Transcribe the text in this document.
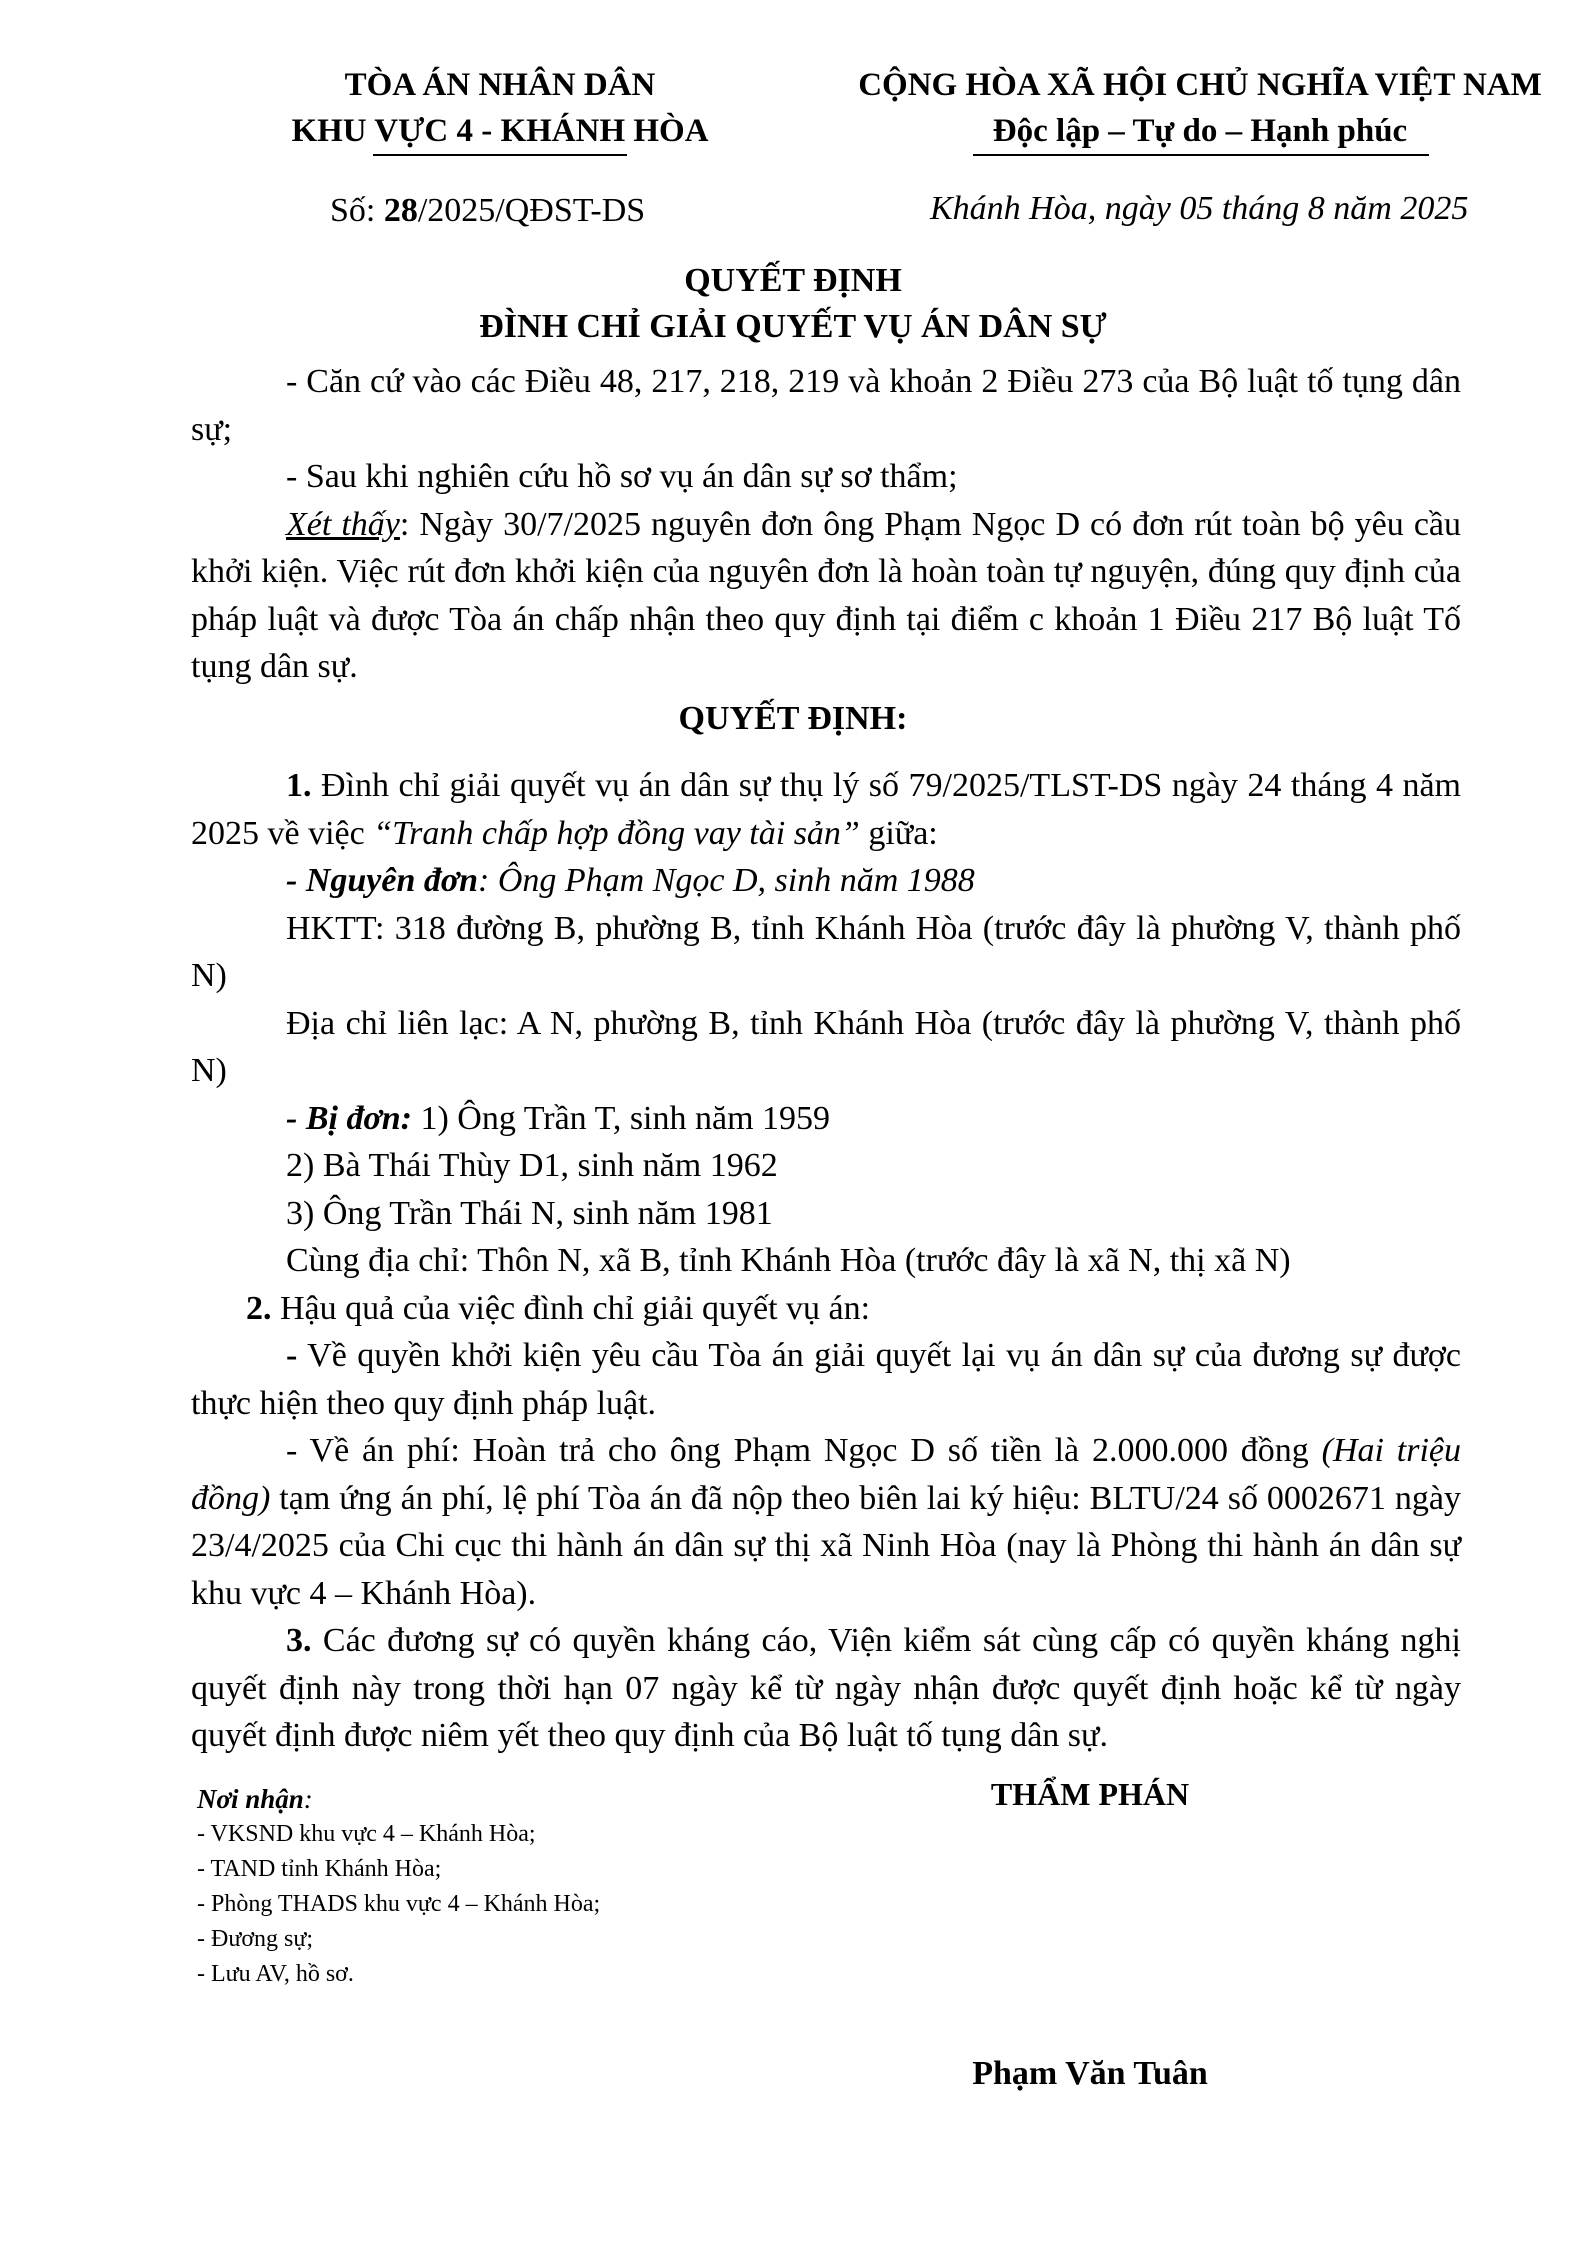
TÒA ÁN NHÂN DÂN
KHU VỰC 4 - KHÁNH HÒA
CỘNG HÒA XÃ HỘI CHỦ NGHĨA VIỆT NAM
Độc lập – Tự do – Hạnh phúc
Số: 28/2025/QĐST-DS	Khánh Hòa, ngày 05 tháng 8 năm 2025
QUYẾT ĐỊNH
ĐÌNH CHỈ GIẢI QUYẾT VỤ ÁN DÂN SỰ

- Căn cứ vào các Điều 48, 217, 218, 219 và khoản 2 Điều 273 của Bộ luật tố tụng dân sự;

- Sau khi nghiên cứu hồ sơ vụ án dân sự sơ thẩm;

Xét thấy: Ngày 30/7/2025 nguyên đơn ông Phạm Ngọc D có đơn rút toàn bộ yêu cầu khởi kiện. Việc rút đơn khởi kiện của nguyên đơn là hoàn toàn tự nguyện, đúng quy định của pháp luật và được Tòa án chấp nhận theo quy định tại điểm c khoản 1 Điều 217 Bộ luật Tố tụng dân sự.

QUYẾT ĐỊNH:

1. Đình chỉ giải quyết vụ án dân sự thụ lý số 79/2025/TLST-DS ngày 24 tháng 4 năm 2025 về việc “Tranh chấp hợp đồng vay tài sản” giữa:

- Nguyên đơn: Ông Phạm Ngọc D, sinh năm 1988

HKTT: 318 đường B, phường B, tỉnh Khánh Hòa (trước đây là phường V, thành phố N)

Địa chỉ liên lạc: A N, phường B, tỉnh Khánh Hòa (trước đây là phường V, thành phố N)

- Bị đơn: 1) Ông Trần T, sinh năm 1959

2) Bà Thái Thùy D1, sinh năm 1962

3) Ông Trần Thái N, sinh năm 1981

Cùng địa chỉ: Thôn N, xã B, tỉnh Khánh Hòa (trước đây là xã N, thị xã N)

2. Hậu quả của việc đình chỉ giải quyết vụ án:

- Về quyền khởi kiện yêu cầu Tòa án giải quyết lại vụ án dân sự của đương sự được thực hiện theo quy định pháp luật.

- Về án phí: Hoàn trả cho ông Phạm Ngọc D số tiền là 2.000.000 đồng (Hai triệu đồng) tạm ứng án phí, lệ phí Tòa án đã nộp theo biên lai ký hiệu: BLTU/24 số 0002671 ngày 23/4/2025 của Chi cục thi hành án dân sự thị xã Ninh Hòa (nay là Phòng thi hành án dân sự khu vực 4 – Khánh Hòa).

3. Các đương sự có quyền kháng cáo, Viện kiểm sát cùng cấp có quyền kháng nghị quyết định này trong thời hạn 07 ngày kể từ ngày nhận được quyết định hoặc kể từ ngày quyết định được niêm yết theo quy định của Bộ luật tố tụng dân sự.

Nơi nhận:
- VKSND khu vực 4 – Khánh Hòa;
- TAND tỉnh Khánh Hòa;
- Phòng THADS khu vực 4 – Khánh Hòa;
- Đương sự;
- Lưu AV, hồ sơ.
THẨM PHÁN
Phạm Văn Tuân
